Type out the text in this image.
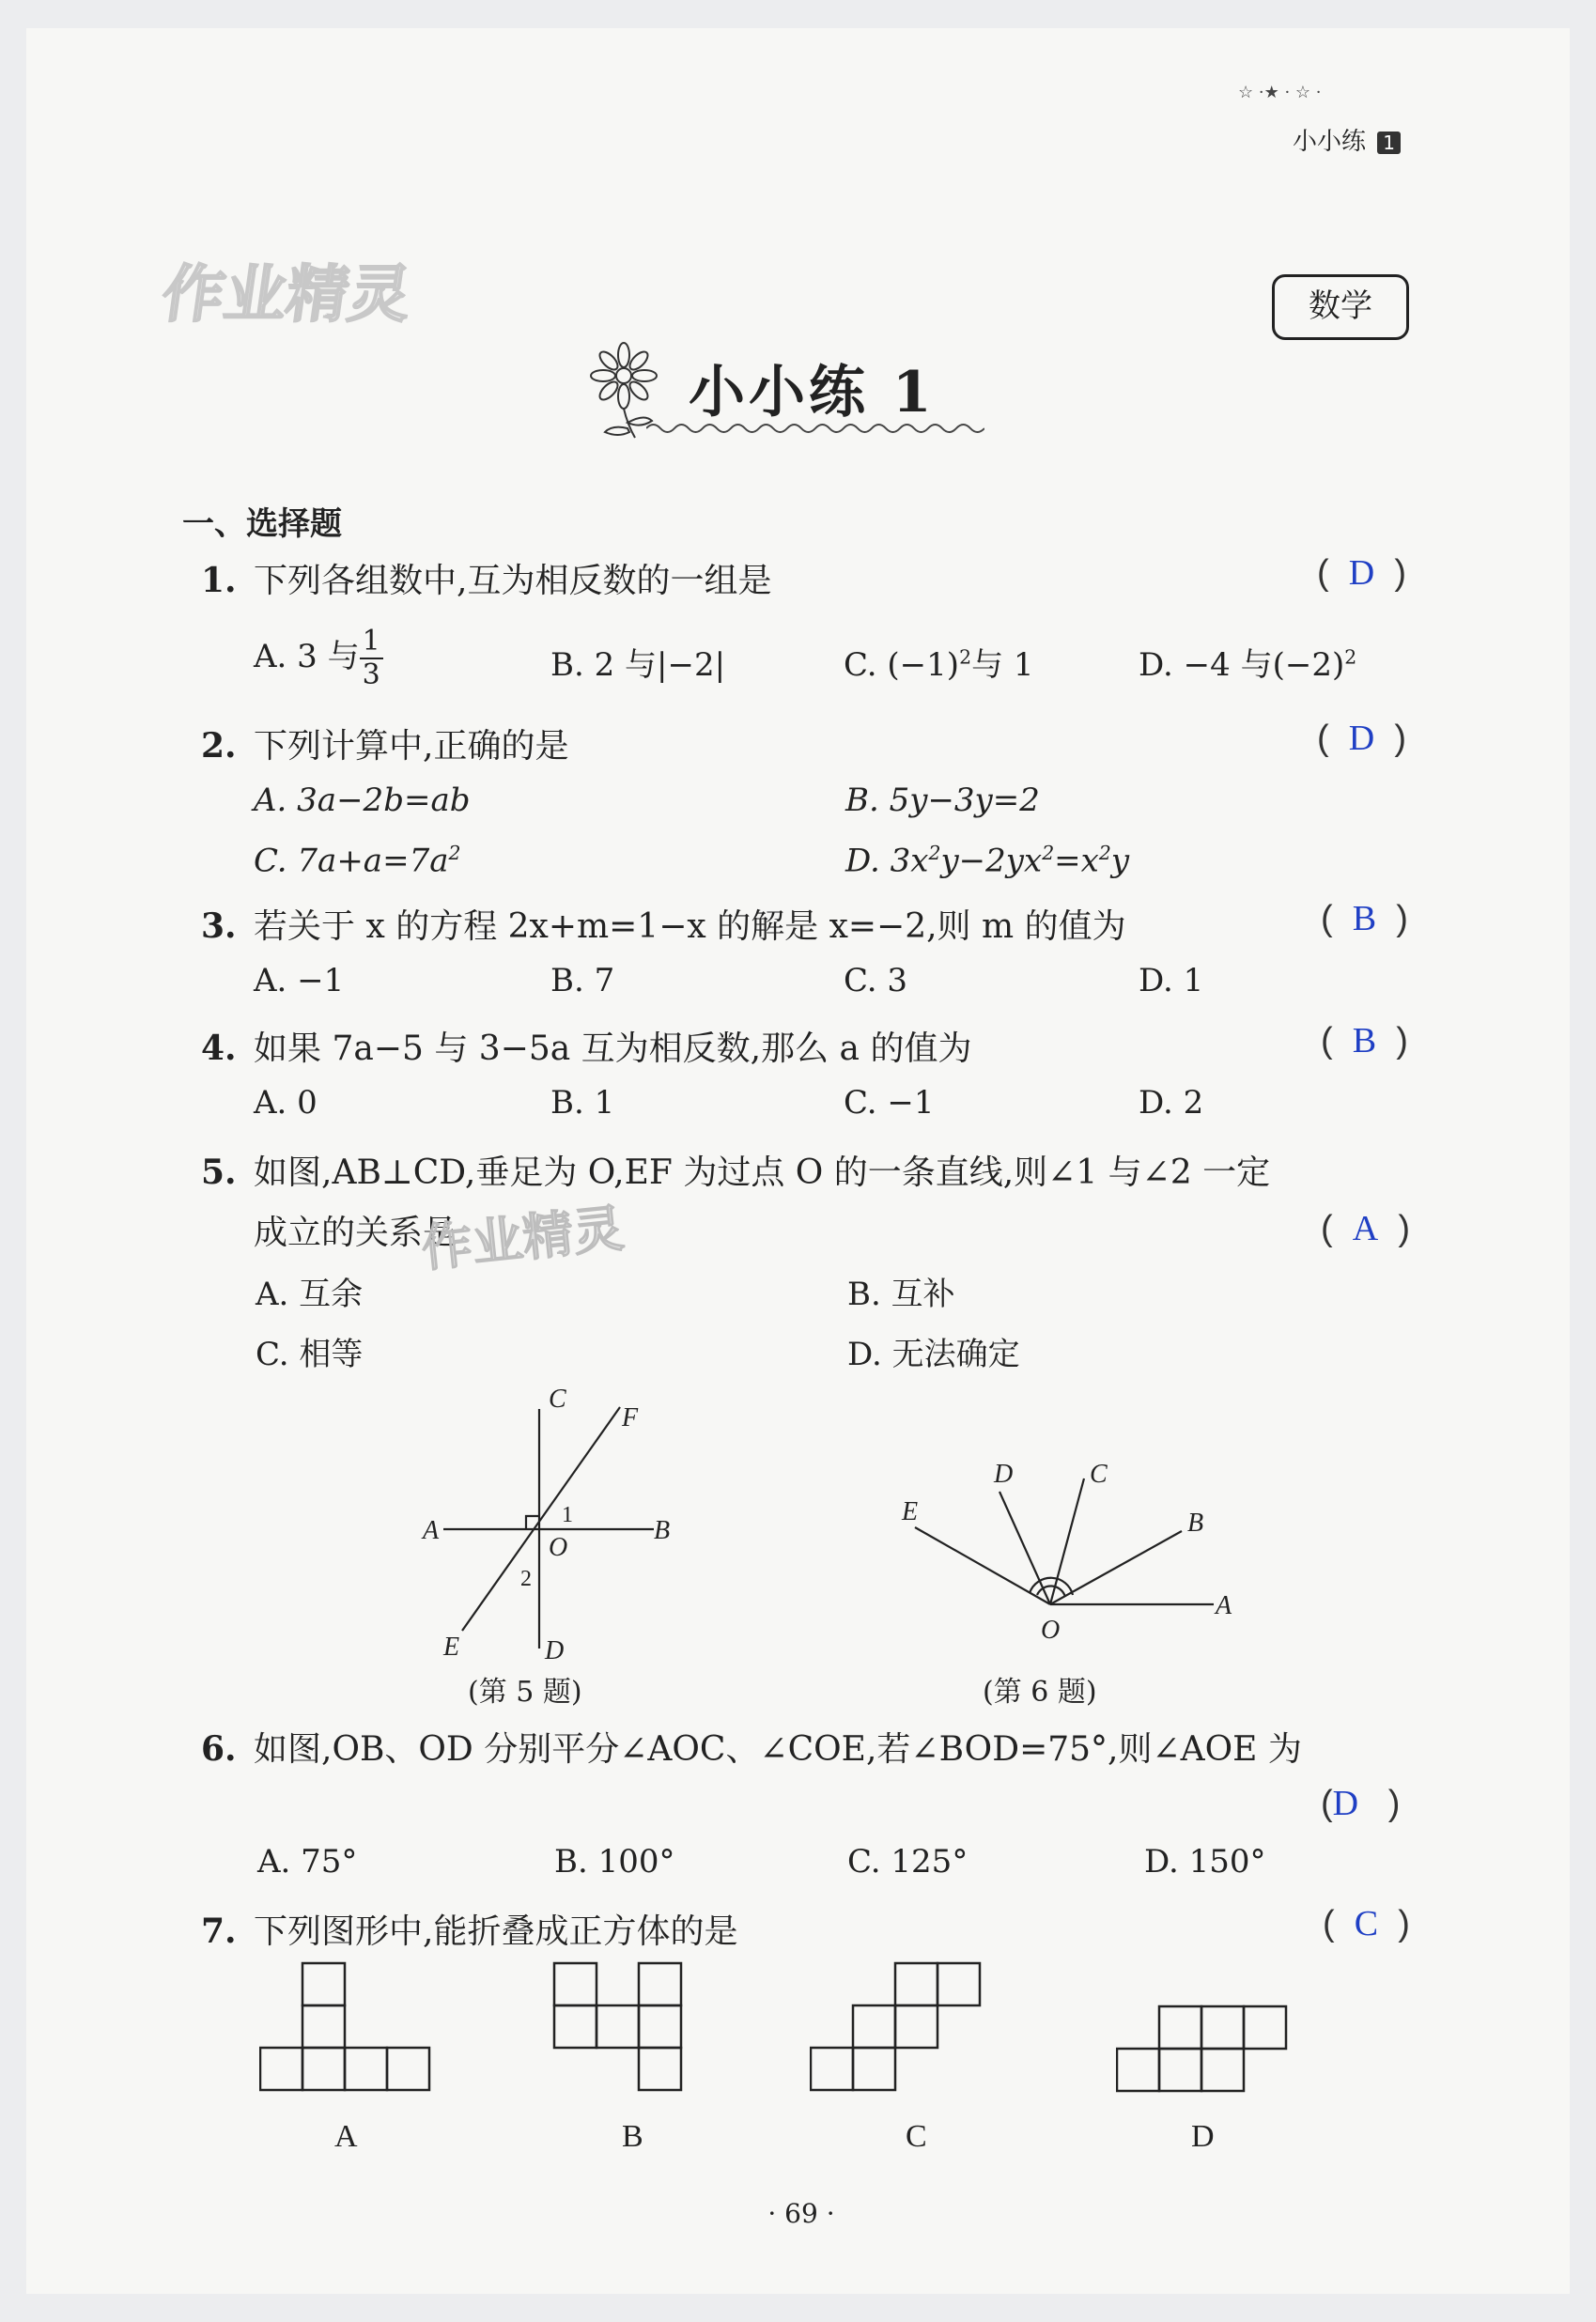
☆ ·★ · ☆ ·
小小练 1
作业精灵	数学
小小练 1
一、选择题
1. 下列各组数中,互为相反数的一组是	(  D  )
A. 3 与 $\frac{1}{3}$	B. 2 与|−2|	C. $(-1)^2$与 1	D. −4 与$(-2)^2$
2. 下列计算中,正确的是	(  D  )
A. 3a−2b=ab	B. 5y−3y=2
C. $7a+a=7a^2$	D. $3x^2y-2yx^2=x^2y$
3. 若关于 x 的方程 2x+m=1−x 的解是 x=−2,则 m 的值为	(  B  )
A. −1	B. 7	C. 3	D. 1
4. 如果 7a−5 与 3−5a 互为相反数,那么 a 的值为	(  B  )
A. 0	B. 1	C. −1	D. 2
5. 如图,AB⊥CD,垂足为 O,EF 为过点 O 的一条直线,则∠1 与∠2 一定
成立的关系是
作业精灵	(  A  )
A. 互余	B. 互补
C. 相等	D. 无法确定
C
F
A	B
O
E	D
1
2
(第 5 题)
D	C
E	B
A
O
(第 6 题)
6. 如图,OB、OD 分别平分∠AOC、∠COE,若∠BOD=75°,则∠AOE 为
(D   )
A. 75°	B. 100°	C. 125°	D. 150°
7. 下列图形中,能折叠成正方体的是	(  C  )
A	B	C	D
· 69 ·
